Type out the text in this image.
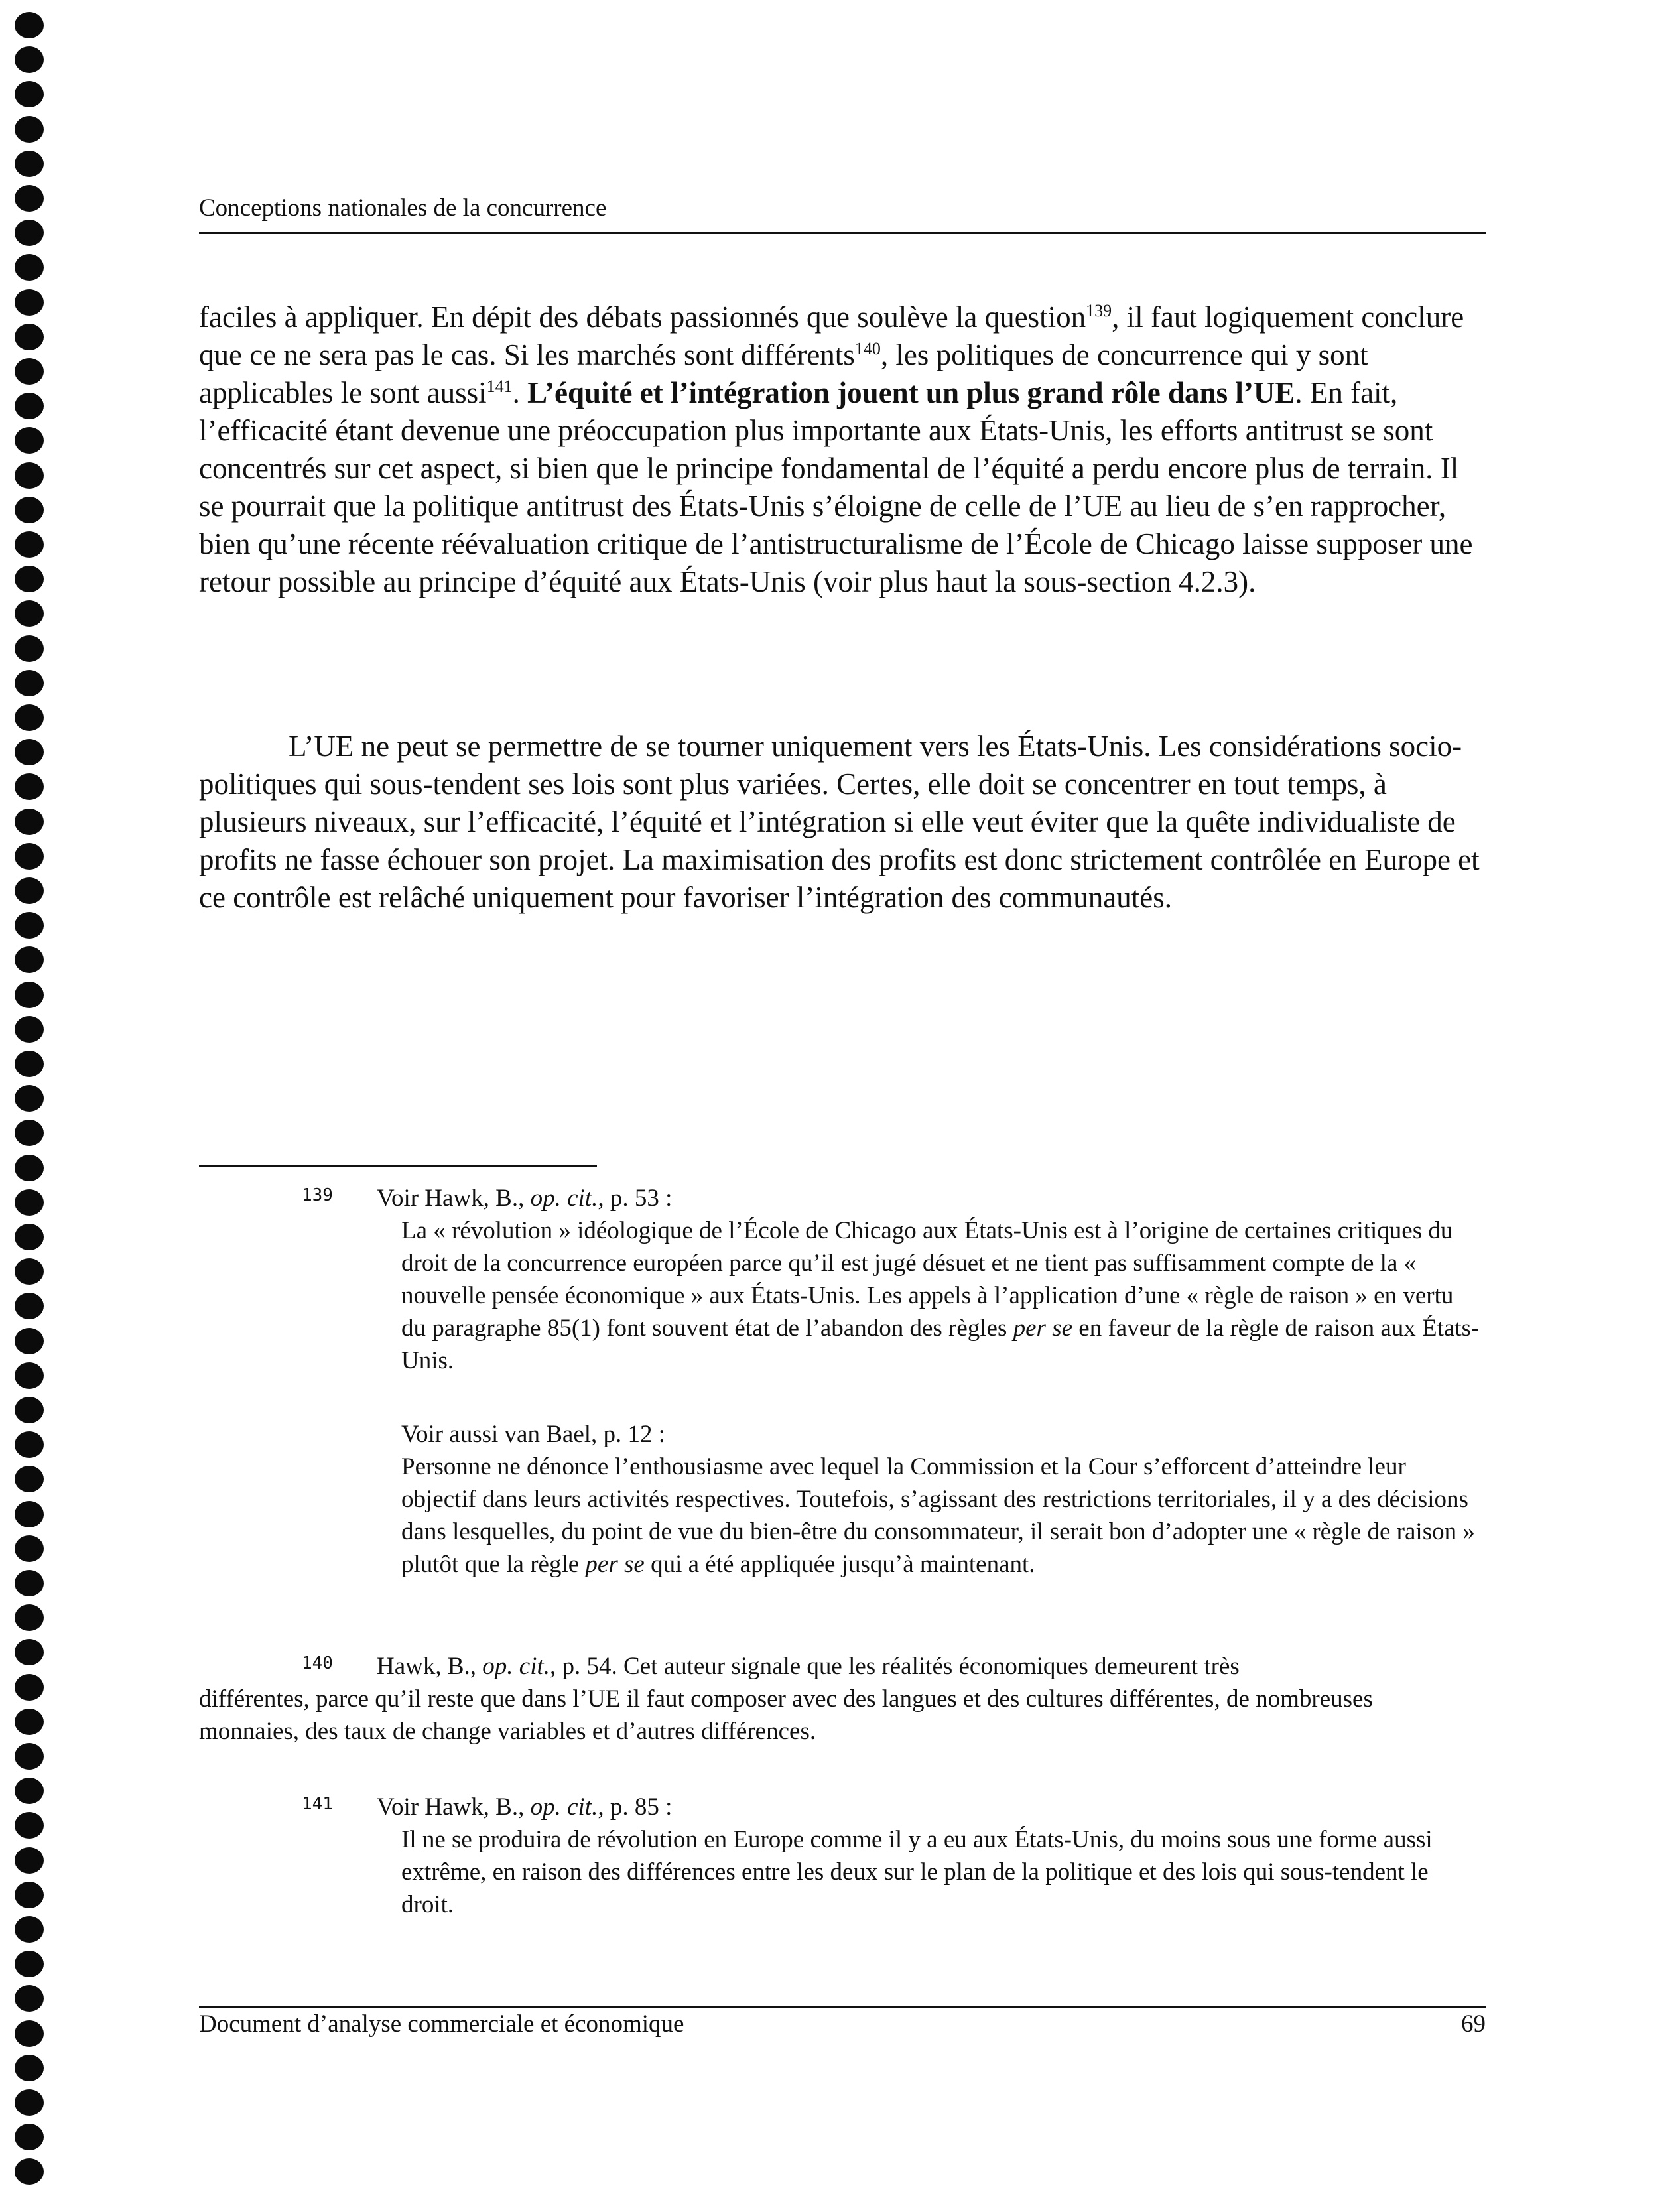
Conceptions nationales de la concurrence

faciles à appliquer. En dépit des débats passionnés que soulève la question$^{139}$, il faut logiquement conclure que ce ne sera pas le cas. Si les marchés sont différents$^{140}$, les politiques de concurrence qui y sont applicables le sont aussi$^{141}$. L’équité et l’intégration jouent un plus grand rôle dans l’UE. En fait, l’efficacité étant devenue une préoccupation plus importante aux États-Unis, les efforts antitrust se sont concentrés sur cet aspect, si bien que le principe fondamental de l’équité a perdu encore plus de terrain. Il se pourrait que la politique antitrust des États-Unis s’éloigne de celle de l’UE au lieu de s’en rapprocher, bien qu’une récente réévaluation critique de l’antistructuralisme de l’École de Chicago laisse supposer une retour possible au principe d’équité aux États-Unis (voir plus haut la sous-section 4.2.3).

L’UE ne peut se permettre de se tourner uniquement vers les États-Unis. Les considérations socio-politiques qui sous-tendent ses lois sont plus variées. Certes, elle doit se concentrer en tout temps, à plusieurs niveaux, sur l’efficacité, l’équité et l’intégration si elle veut éviter que la quête individualiste de profits ne fasse échouer son projet. La maximisation des profits est donc strictement contrôlée en Europe et ce contrôle est relâché uniquement pour favoriser l’intégration des communautés.

139 Voir Hawk, B., op. cit., p. 53 :

La « révolution » idéologique de l’École de Chicago aux États-Unis est à l’origine de certaines critiques du droit de la concurrence européen parce qu’il est jugé désuet et ne tient pas suffisamment compte de la « nouvelle pensée économique » aux États-Unis. Les appels à l’application d’une « règle de raison » en vertu du paragraphe 85(1) font souvent état de l’abandon des règles per se en faveur de la règle de raison aux États-Unis.

Voir aussi van Bael, p. 12 :

Personne ne dénonce l’enthousiasme avec lequel la Commission et la Cour s’efforcent d’atteindre leur objectif dans leurs activités respectives. Toutefois, s’agissant des restrictions territoriales, il y a des décisions dans lesquelles, du point de vue du bien-être du consommateur, il serait bon d’adopter une « règle de raison » plutôt que la règle per se qui a été appliquée jusqu’à maintenant.

140 Hawk, B., op. cit., p. 54. Cet auteur signale que les réalités économiques demeurent très

différentes, parce qu’il reste que dans l’UE il faut composer avec des langues et des cultures différentes, de nombreuses monnaies, des taux de change variables et d’autres différences.

141 Voir Hawk, B., op. cit., p. 85 :

Il ne se produira de révolution en Europe comme il y a eu aux États-Unis, du moins sous une forme aussi extrême, en raison des différences entre les deux sur le plan de la politique et des lois qui sous-tendent le droit.

Document d’analyse commerciale et économique	69
